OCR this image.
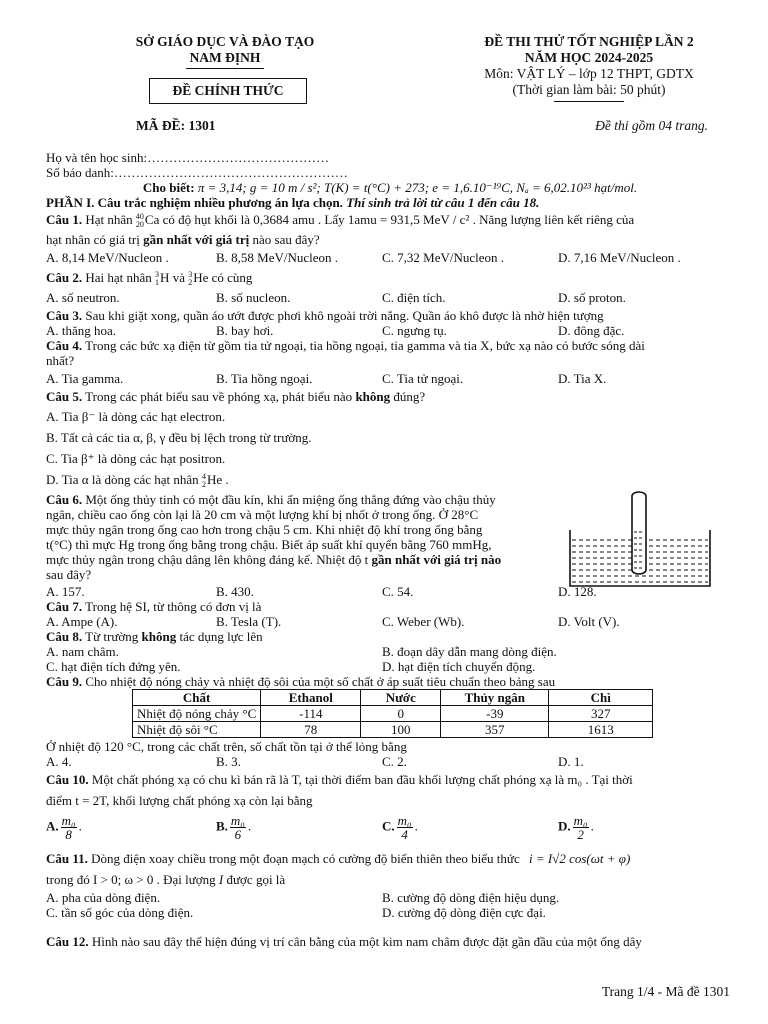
SỞ GIÁO DỤC VÀ ĐÀO TẠO
NAM ĐỊNH
ĐỀ CHÍNH THỨC
ĐỀ THI THỬ TỐT NGHIỆP LẦN 2
NĂM HỌC 2024-2025
Môn: VẬT LÝ – lớp 12 THPT, GDTX
(Thời gian làm bài: 50 phút)
MÃ ĐỀ: 1301	Đề thi gồm 04 trang.
Họ và tên học sinh:……………………………………
Số báo danh:………………………………………………
Cho biết: π = 3,14; g = 10 m / s²; T(K) = t(°C) + 273; e = 1,6.10⁻¹⁹C, Nₐ = 6,02.10²³ hạt/mol.
PHẦN I. Câu trắc nghiệm nhiều phương án lựa chọn. Thí sinh trả lời từ câu 1 đến câu 18.
Câu 1. Hạt nhân 40
20 Ca có độ hụt khối là 0,3684 amu . Lấy 1amu = 931,5 MeV / c² . Năng lượng liên kết riêng của
hạt nhân có giá trị gần nhất với giá trị nào sau đây?
A. 8,14 MeV/Nucleon .	B. 8,58 MeV/Nucleon .	C. 7,32 MeV/Nucleon .	D. 7,16 MeV/Nucleon .
Câu 2. Hai hạt nhân 3
1 H và 3
2 He có cùng
A. số neutron.	B. số nucleon.	C. điện tích.	D. số proton.
Câu 3. Sau khi giặt xong, quần áo ướt được phơi khô ngoài trời nắng. Quần áo khô được là nhờ hiện tượng
A. thăng hoa.	B. bay hơi.	C. ngưng tụ.	D. đông đặc.
Câu 4. Trong các bức xạ điện từ gồm tia tử ngoại, tia hồng ngoại, tia gamma và tia X, bức xạ nào có bước sóng dài
nhất?
A. Tia gamma.	B. Tia hồng ngoại.	C. Tia tử ngoại.	D. Tia X.
Câu 5. Trong các phát biểu sau về phóng xạ, phát biểu nào không đúng?
A. Tia β⁻ là dòng các hạt electron.
B. Tất cả các tia α, β, γ đều bị lệch trong từ trường.
C. Tia β⁺ là dòng các hạt positron.
D. Tia α là dòng các hạt nhân 4
2 He .
Câu 6. Một ống thủy tinh có một đầu kín, khi ấn miệng ống thẳng đứng vào chậu thủy
ngân, chiều cao ống còn lại là 20 cm và một lượng khí bị nhốt ở trong ống. Ở 28°C
mực thủy ngân trong ống cao hơn trong chậu 5 cm. Khi nhiệt độ khí trong ống bằng
t(°C) thì mực Hg trong ống bằng trong chậu. Biết áp suất khí quyển bằng 760 mmHg,
mực thủy ngân trong chậu dâng lên không đáng kể. Nhiệt độ t gần nhất với giá trị nào
sau đây?
A. 157.	B. 430.	C. 54.	D. 128.
Câu 7. Trong hệ SI, từ thông có đơn vị là
A. Ampe (A).	B. Tesla (T).	C. Weber (Wb).	D. Volt (V).
Câu 8. Từ trường không tác dụng lực lên
A. nam châm.	B. đoạn dây dẫn mang dòng điện.
C. hạt điện tích đứng yên.	D. hạt điện tích chuyển động.
Câu 9. Cho nhiệt độ nóng chảy và nhiệt độ sôi của một số chất ở áp suất tiêu chuẩn theo bảng sau
Chất	Ethanol	Nước	Thủy ngân	Chì
Nhiệt độ nóng chảy °C	-114	0	-39	327
Nhiệt độ sôi °C	78	100	357	1613
Ở nhiệt độ 120 °C, trong các chất trên, số chất tồn tại ở thể lỏng bằng
A. 4.	B. 3.	C. 2.	D. 1.
Câu 10. Một chất phóng xạ có chu kì bán rã là T, tại thời điểm ban đầu khối lượng chất phóng xạ là m₀ . Tại thời
điểm t = 2T, khối lượng chất phóng xạ còn lại bằng
A. $\frac{\text{m₀}}{8}$ .	B. $\frac{\text{m₀}}{6}$ .	C. $\frac{\text{m₀}}{4}$ .	D. $\frac{\text{m₀}}{2}$ .
Câu 11. Dòng điện xoay chiều trong một đoạn mạch có cường độ biến thiên theo biểu thức i = I√2 cos(ωt + φ)
trong đó I > 0; ω > 0 . Đại lượng I được gọi là
A. pha của dòng điện.	B. cường độ dòng điện hiệu dụng.
C. tần số góc của dòng điện.	D. cường độ dòng điện cực đại.
Câu 12. Hình nào sau đây thể hiện đúng vị trí cân bằng của một kim nam châm được đặt gần đầu của một ống dây
Trang 1/4 - Mã đề 1301
